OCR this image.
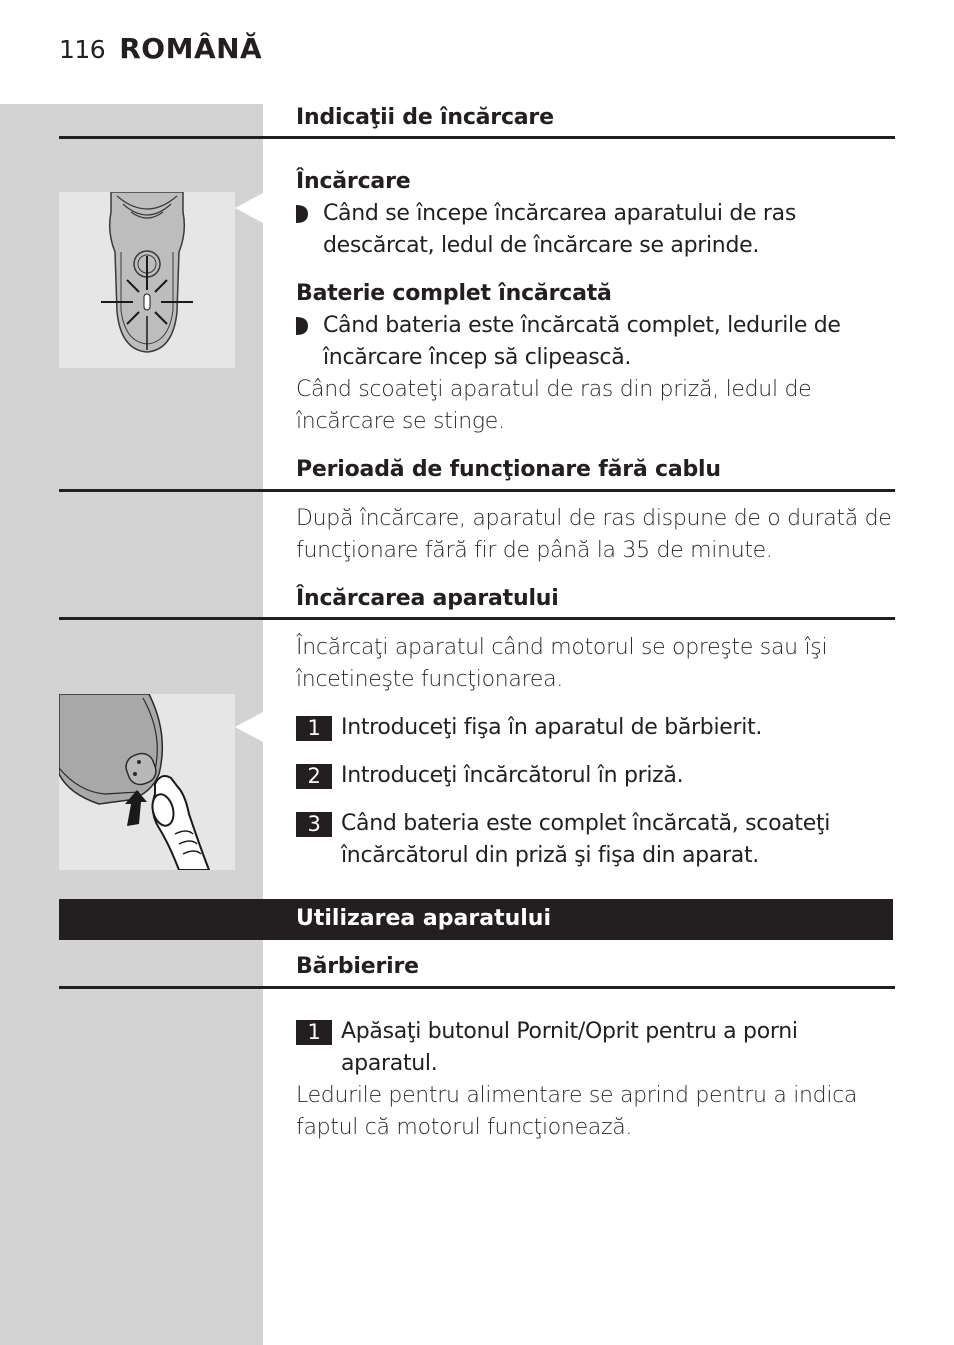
116 ROMÂNĂ
Indicaţii de încărcare
Încărcare
Când se începe încărcarea aparatului de ras descărcat, ledul de încărcare se aprinde.
Baterie complet încărcată
Când bateria este încărcată complet, ledurile de încărcare încep să clipească.
Când scoateţi aparatul de ras din priză, ledul de încărcare se stinge.
Perioadă de funcţionare fără cablu
După încărcare, aparatul de ras dispune de o durată de funcţionare fără fir de până la 35 de minute.
Încărcarea aparatului
Încărcaţi aparatul când motorul se opreşte sau îşi încetineşte funcţionarea.
1 Introduceţi fişa în aparatul de bărbierit.
2 Introduceţi încărcătorul în priză.
3 Când bateria este complet încărcată, scoateţi încărcătorul din priză şi fişa din aparat.
Utilizarea aparatului
Bărbierire
1 Apăsaţi butonul Pornit/Oprit pentru a porni aparatul.
Ledurile pentru alimentare se aprind pentru a indica faptul că motorul funcţionează.
